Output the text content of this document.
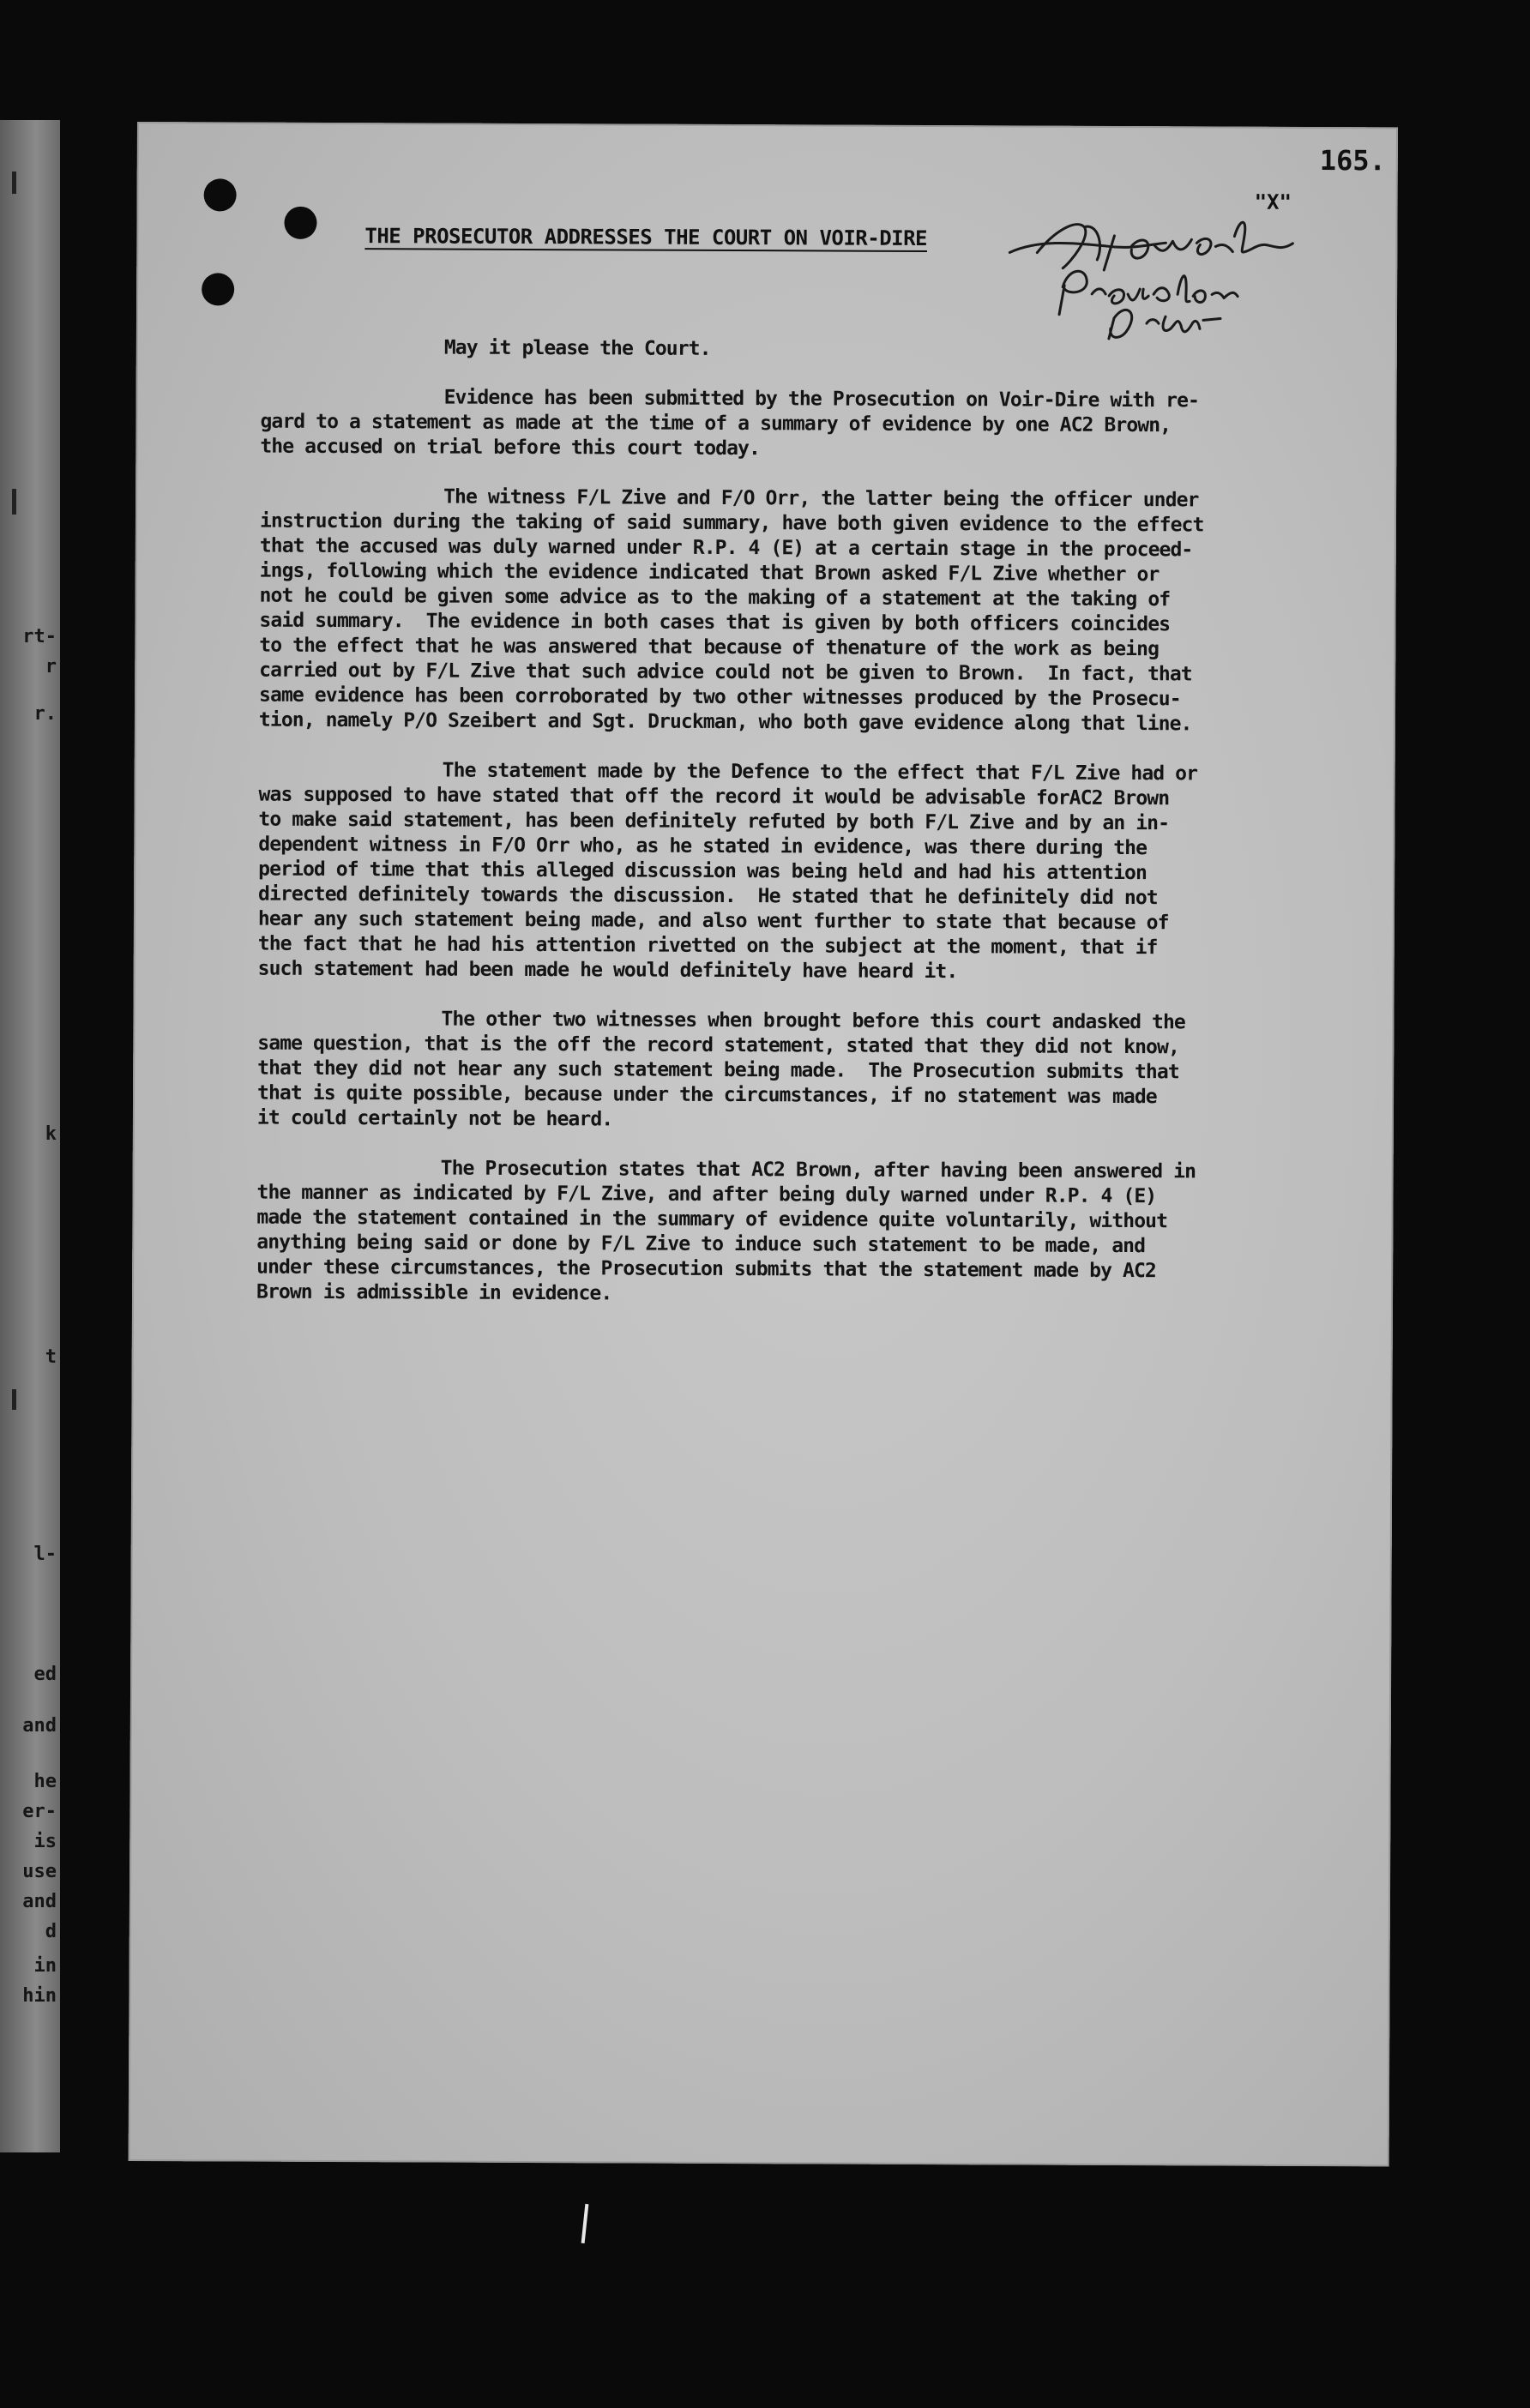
rt-
r
r.
k
t
l-
ed
and
he
er-
is
use
and
d
in
hin
165.
"X"
THE PROSECUTOR ADDRESSES THE COURT ON VOIR-DIRE
May it please the Court.
Evidence has been submitted by the Prosecution on Voir-Dire with re-
gard to a statement as made at the time of a summary of evidence by one AC2 Brown,
the accused on trial before this court today.
The witness F/L Zive and F/O Orr, the latter being the officer under
instruction during the taking of said summary, have both given evidence to the effect
that the accused was duly warned under R.P. 4 (E) at a certain stage in the proceed-
ings, following which the evidence indicated that Brown asked F/L Zive whether or
not he could be given some advice as to the making of a statement at the taking of
said summary.  The evidence in both cases that is given by both officers coincides
to the effect that he was answered that because of thenature of the work as being
carried out by F/L Zive that such advice could not be given to Brown.  In fact, that
same evidence has been corroborated by two other witnesses produced by the Prosecu-
tion, namely P/O Szeibert and Sgt. Druckman, who both gave evidence along that line.
The statement made by the Defence to the effect that F/L Zive had or
was supposed to have stated that off the record it would be advisable forAC2 Brown
to make said statement, has been definitely refuted by both F/L Zive and by an in-
dependent witness in F/O Orr who, as he stated in evidence, was there during the
period of time that this alleged discussion was being held and had his attention
directed definitely towards the discussion.  He stated that he definitely did not
hear any such statement being made, and also went further to state that because of
the fact that he had his attention rivetted on the subject at the moment, that if
such statement had been made he would definitely have heard it.
The other two witnesses when brought before this court andasked the
same question, that is the off the record statement, stated that they did not know,
that they did not hear any such statement being made.  The Prosecution submits that
that is quite possible, because under the circumstances, if no statement was made
it could certainly not be heard.
The Prosecution states that AC2 Brown, after having been answered in
the manner as indicated by F/L Zive, and after being duly warned under R.P. 4 (E)
made the statement contained in the summary of evidence quite voluntarily, without
anything being said or done by F/L Zive to induce such statement to be made, and
under these circumstances, the Prosecution submits that the statement made by AC2
Brown is admissible in evidence.
